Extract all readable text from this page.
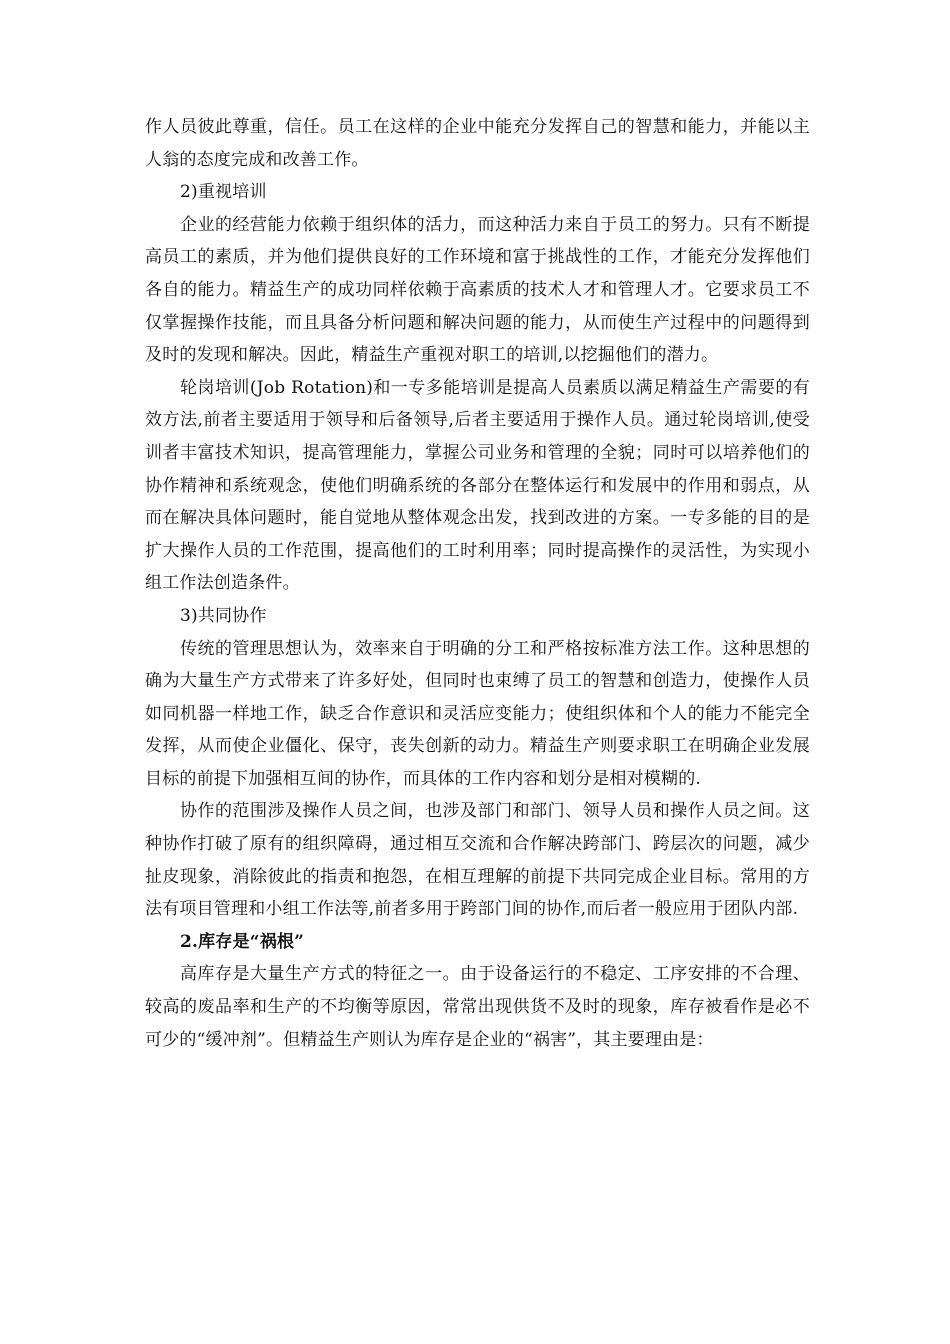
作人员彼此尊重，信任。员工在这样的企业中能充分发挥自己的智慧和能力，并能以主人翁的态度完成和改善工作。

2)重视培训

企业的经营能力依赖于组织体的活力，而这种活力来自于员工的努力。只有不断提高员工的素质，并为他们提供良好的工作环境和富于挑战性的工作，才能充分发挥他们各自的能力。精益生产的成功同样依赖于高素质的技术人才和管理人才。它要求员工不仅掌握操作技能，而且具备分析问题和解决问题的能力，从而使生产过程中的问题得到及时的发现和解决。因此，精益生产重视对职工的培训,以挖掘他们的潜力。

轮岗培训(Job Rotation)和一专多能培训是提高人员素质以满足精益生产需要的有效方法,前者主要适用于领导和后备领导,后者主要适用于操作人员。通过轮岗培训,使受训者丰富技术知识，提高管理能力，掌握公司业务和管理的全貌；同时可以培养他们的协作精神和系统观念，使他们明确系统的各部分在整体运行和发展中的作用和弱点，从而在解决具体问题时，能自觉地从整体观念出发，找到改进的方案。一专多能的目的是扩大操作人员的工作范围，提高他们的工时利用率；同时提高操作的灵活性，为实现小组工作法创造条件。

3)共同协作

传统的管理思想认为，效率来自于明确的分工和严格按标准方法工作。这种思想的确为大量生产方式带来了许多好处，但同时也束缚了员工的智慧和创造力，使操作人员如同机器一样地工作，缺乏合作意识和灵活应变能力；使组织体和个人的能力不能完全发挥，从而使企业僵化、保守，丧失创新的动力。精益生产则要求职工在明确企业发展目标的前提下加强相互间的协作，而具体的工作内容和划分是相对模糊的.

协作的范围涉及操作人员之间，也涉及部门和部门、领导人员和操作人员之间。这种协作打破了原有的组织障碍，通过相互交流和合作解决跨部门、跨层次的问题，减少扯皮现象，消除彼此的指责和抱怨，在相互理解的前提下共同完成企业目标。常用的方法有项目管理和小组工作法等,前者多用于跨部门间的协作,而后者一般应用于团队内部.

2.库存是“祸根”

高库存是大量生产方式的特征之一。由于设备运行的不稳定、工序安排的不合理、较高的废品率和生产的不均衡等原因，常常出现供货不及时的现象，库存被看作是必不可少的“缓冲剂”。但精益生产则认为库存是企业的“祸害”，其主要理由是：
